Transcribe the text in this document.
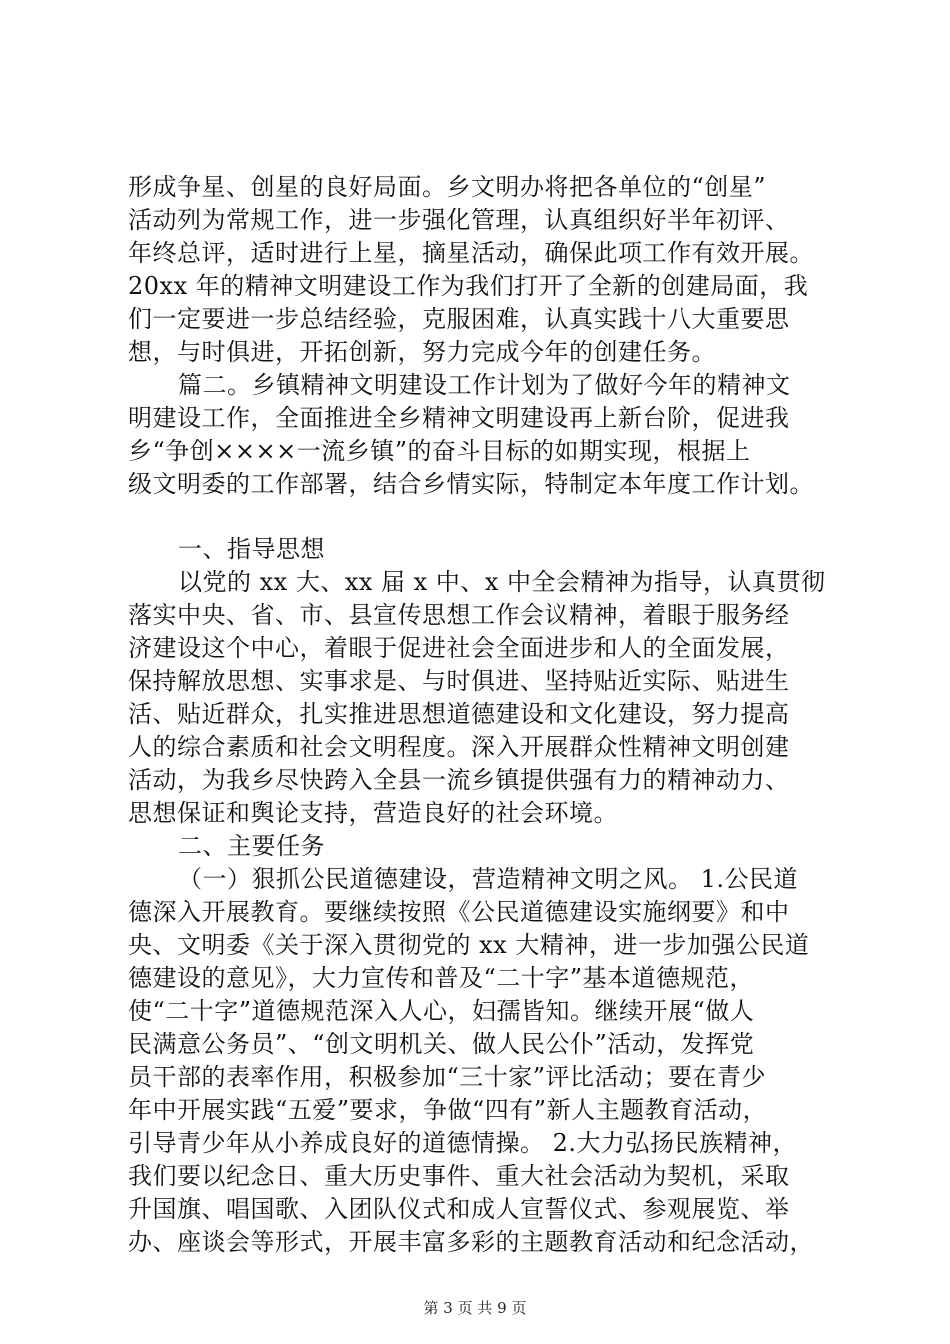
形成争星、创星的良好局面。乡文明办将把各单位的“创星”
活动列为常规工作，进一步强化管理，认真组织好半年初评、
年终总评，适时进行上星，摘星活动，确保此项工作有效开展。
20xx 年的精神文明建设工作为我们打开了全新的创建局面，我
们一定要进一步总结经验，克服困难，认真实践十八大重要思
想，与时俱进，开拓创新，努力完成今年的创建任务。
篇二。乡镇精神文明建设工作计划为了做好今年的精神文
明建设工作，全面推进全乡精神文明建设再上新台阶，促进我
乡“争创××××一流乡镇”的奋斗目标的如期实现，根据上
级文明委的工作部署，结合乡情实际，特制定本年度工作计划。
一、指导思想
以党的 xx 大、xx 届 x 中、x 中全会精神为指导，认真贯彻
落实中央、省、市、县宣传思想工作会议精神，着眼于服务经
济建设这个中心，着眼于促进社会全面进步和人的全面发展，
保持解放思想、实事求是、与时俱进、坚持贴近实际、贴进生
活、贴近群众，扎实推进思想道德建设和文化建设，努力提高
人的综合素质和社会文明程度。深入开展群众性精神文明创建
活动，为我乡尽快跨入全县一流乡镇提供强有力的精神动力、
思想保证和舆论支持，营造良好的社会环境。
二、主要任务
（一）狠抓公民道德建设，营造精神文明之风。 1.公民道
德深入开展教育。要继续按照《公民道德建设实施纲要》和中
央、文明委《关于深入贯彻党的 xx 大精神，进一步加强公民道
德建设的意见》，大力宣传和普及“二十字”基本道德规范，
使“二十字”道德规范深入人心，妇孺皆知。继续开展“做人
民满意公务员”、“创文明机关、做人民公仆”活动，发挥党
员干部的表率作用，积极参加“三十家”评比活动；要在青少
年中开展实践“五爱”要求，争做“四有”新人主题教育活动，
引导青少年从小养成良好的道德情操。 2.大力弘扬民族精神，
我们要以纪念日、重大历史事件、重大社会活动为契机，采取
升国旗、唱国歌、入团队仪式和成人宣誓仪式、参观展览、举
办、座谈会等形式，开展丰富多彩的主题教育活动和纪念活动，
第 3 页 共 9 页
